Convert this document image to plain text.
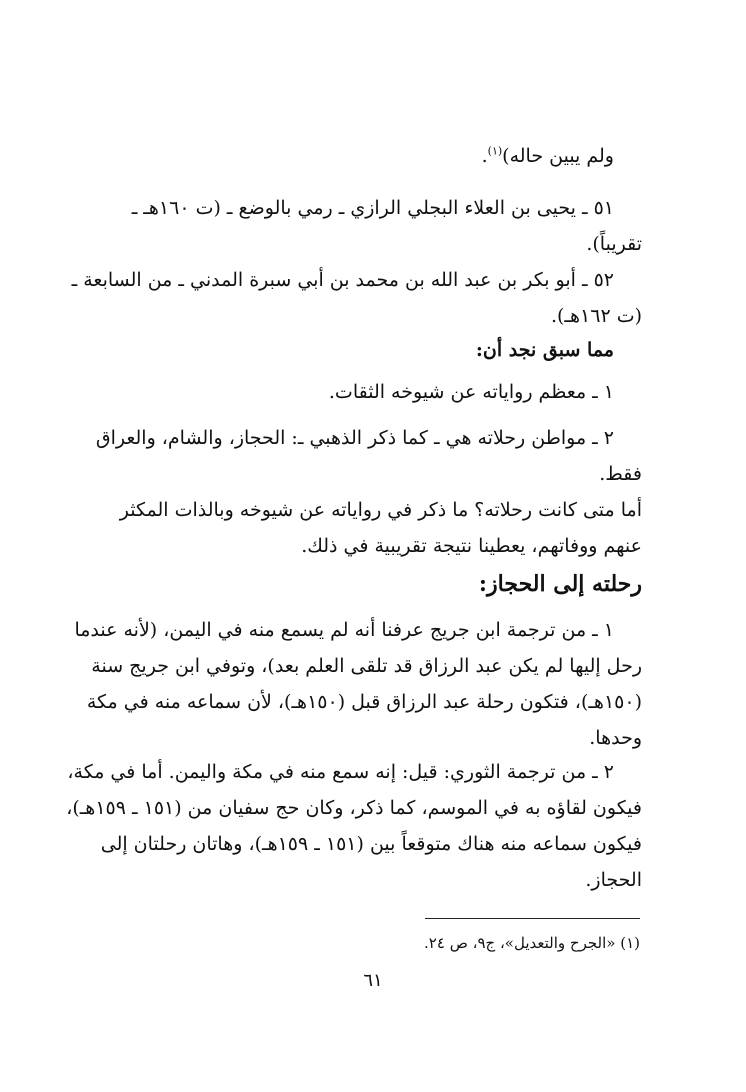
ولم يبين حاله)$^{(١)}$.
٥١ ـ يحيى بن العلاء البجلي الرازي ـ رمي بالوضع ـ (ت ١٦٠هـ ـ
تقريباً).
٥٢ ـ أبو بكر بن عبد الله بن محمد بن أبي سبرة المدني ـ من السابعة ـ
(ت ١٦٢هـ).
مما سبق نجد أن:
١ ـ معظم رواياته عن شيوخه الثقات.
٢ ـ مواطن رحلاته هي ـ كما ذكر الذهبي ـ: الحجاز، والشام، والعراق
فقط.
أما متى كانت رحلاته؟ ما ذكر في رواياته عن شيوخه وبالذات المكثر
عنهم ووفاتهم، يعطينا نتيجة تقريبية في ذلك.
رحلته إلى الحجاز:
١ ـ من ترجمة ابن جريج عرفنا أنه لم يسمع منه في اليمن، (لأنه عندما
رحل إليها لم يكن عبد الرزاق قد تلقى العلم بعد)، وتوفي ابن جريج سنة
(١٥٠هـ)، فتكون رحلة عبد الرزاق قبل (١٥٠هـ)، لأن سماعه منه في مكة
وحدها.
٢ ـ من ترجمة الثوري: قيل: إنه سمع منه في مكة واليمن. أما في مكة،
فيكون لقاؤه به في الموسم، كما ذكر، وكان حج سفيان من (١٥١ ـ ١٥٩هـ)،
فيكون سماعه منه هناك متوقعاً بين (١٥١ ـ ١٥٩هـ)، وهاتان رحلتان إلى
الحجاز.
(١) «الجرح والتعديل»، ج٩، ص ٢٤.
٦١
